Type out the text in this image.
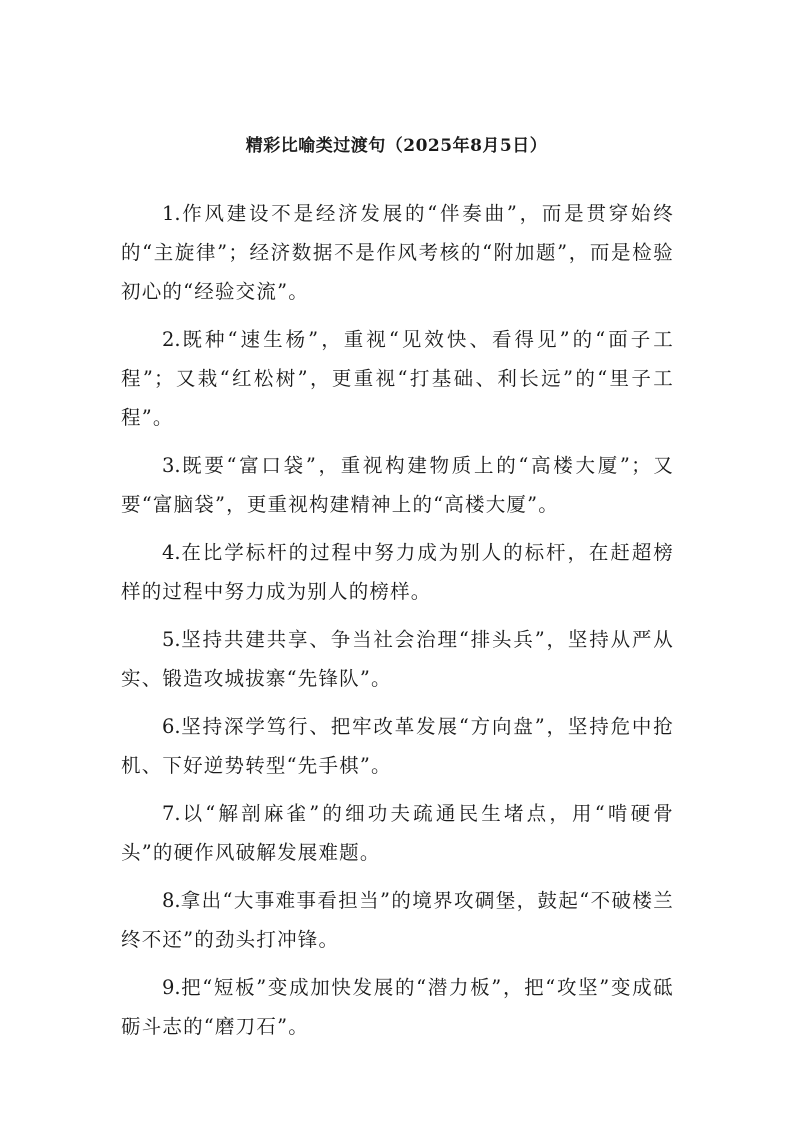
精彩比喻类过渡句（2025年8月5日）

1.作风建设不是经济发展的“伴奏曲”，而是贯穿始终的“主旋律”；经济数据不是作风考核的“附加题”，而是检验初心的“经验交流”。

2.既种“速生杨”，重视“见效快、看得见”的“面子工程”；又栽“红松树”，更重视“打基础、利长远”的“里子工程”。

3.既要“富口袋”，重视构建物质上的“高楼大厦”；又要“富脑袋”，更重视构建精神上的“高楼大厦”。

4.在比学标杆的过程中努力成为别人的标杆，在赶超榜样的过程中努力成为别人的榜样。

5.坚持共建共享、争当社会治理“排头兵”，坚持从严从实、锻造攻城拔寨“先锋队”。

6.坚持深学笃行、把牢改革发展“方向盘”，坚持危中抢机、下好逆势转型“先手棋”。

7.以“解剖麻雀”的细功夫疏通民生堵点，用“啃硬骨头”的硬作风破解发展难题。

8.拿出“大事难事看担当”的境界攻碉堡，鼓起“不破楼兰终不还”的劲头打冲锋。

9.把“短板”变成加快发展的“潜力板”，把“攻坚”变成砥砺斗志的“磨刀石”。
